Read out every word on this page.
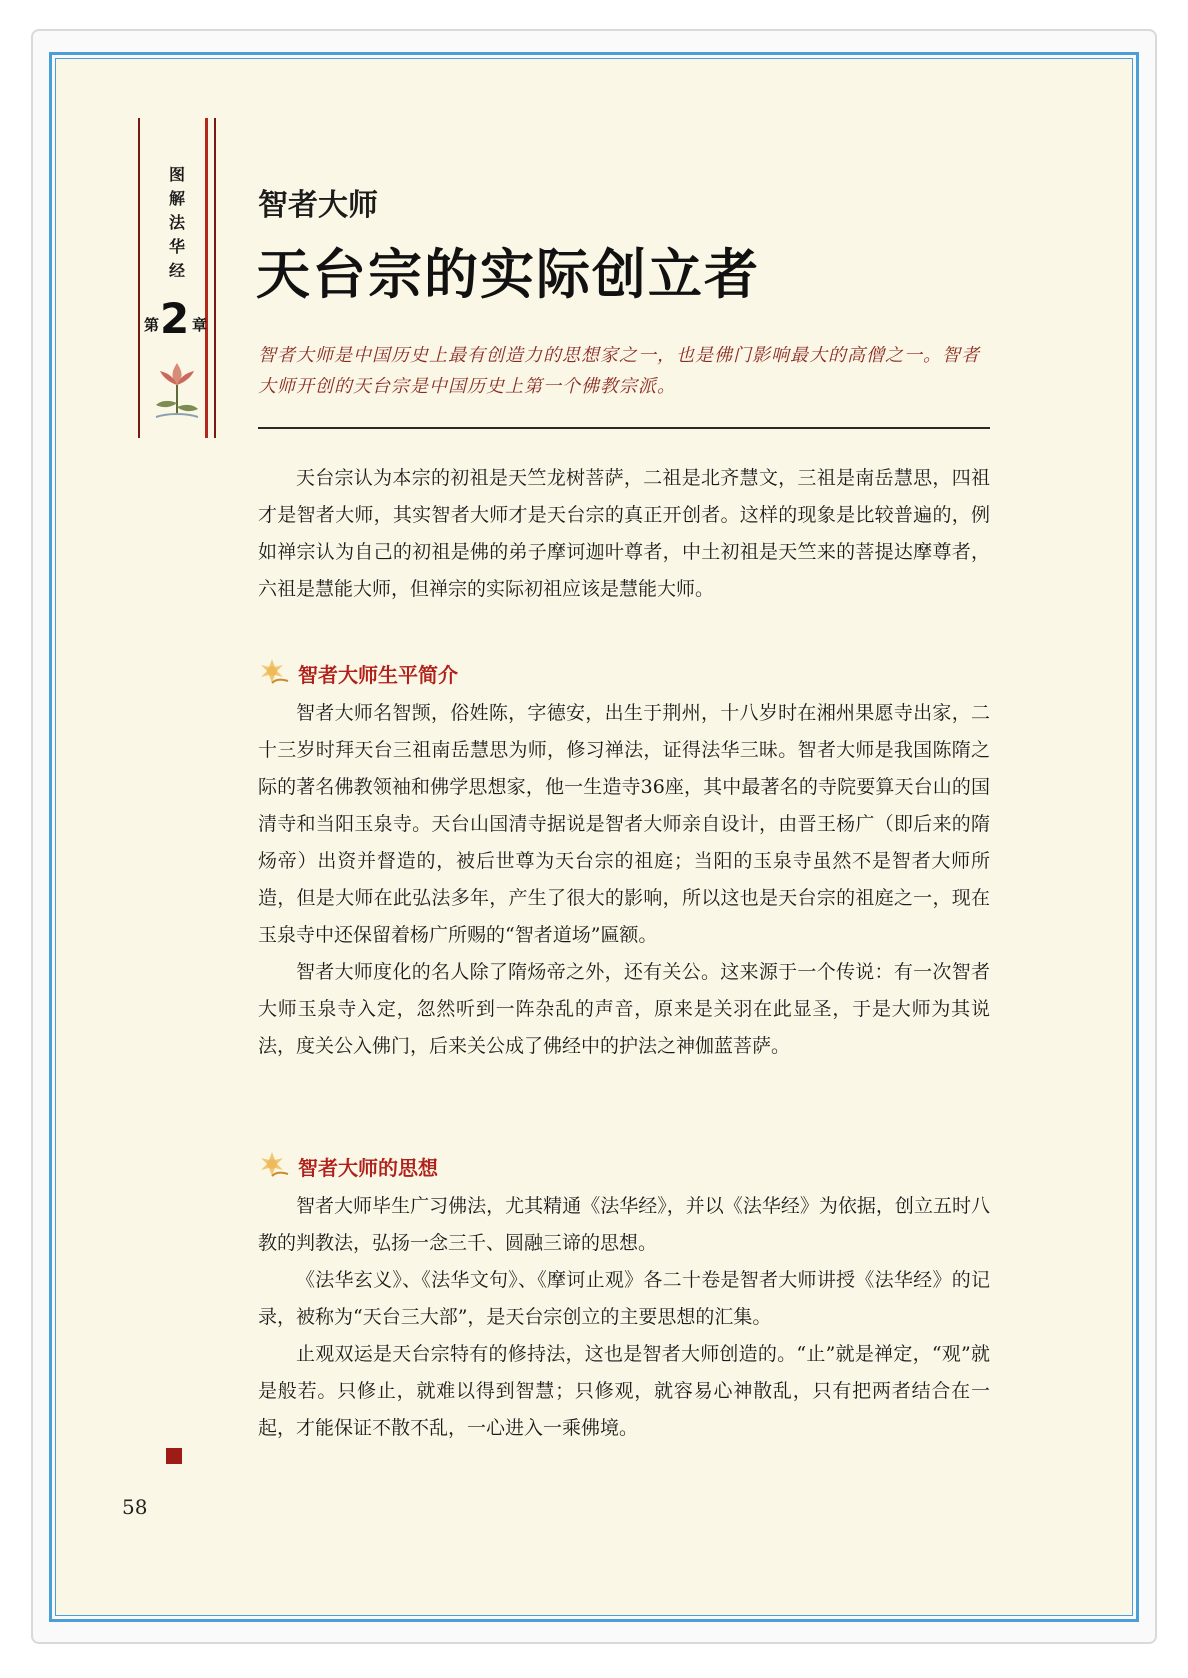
图
解
法
华
经
第 2 章
智者大师
天台宗的实际创立者
智者大师是中国历史上最有创造力的思想家之一，也是佛门影响最大的高僧之一。智者大师开创的天台宗是中国历史上第一个佛教宗派。

天台宗认为本宗的初祖是天竺龙树菩萨，二祖是北齐慧文，三祖是南岳慧思，四祖才是智者大师，其实智者大师才是天台宗的真正开创者。这样的现象是比较普遍的，例如禅宗认为自己的初祖是佛的弟子摩诃迦叶尊者，中土初祖是天竺来的菩提达摩尊者，六祖是慧能大师，但禅宗的实际初祖应该是慧能大师。

智者大师生平简介

智者大师名智𫖮，俗姓陈，字德安，出生于荆州，十八岁时在湘州果愿寺出家，二十三岁时拜天台三祖南岳慧思为师，修习禅法，证得法华三昧。智者大师是我国陈隋之际的著名佛教领袖和佛学思想家，他一生造寺36座，其中最著名的寺院要算天台山的国清寺和当阳玉泉寺。天台山国清寺据说是智者大师亲自设计，由晋王杨广（即后来的隋炀帝）出资并督造的，被后世尊为天台宗的祖庭；当阳的玉泉寺虽然不是智者大师所造，但是大师在此弘法多年，产生了很大的影响，所以这也是天台宗的祖庭之一，现在玉泉寺中还保留着杨广所赐的“智者道场”匾额。

智者大师度化的名人除了隋炀帝之外，还有关公。这来源于一个传说：有一次智者大师玉泉寺入定，忽然听到一阵杂乱的声音，原来是关羽在此显圣，于是大师为其说法，度关公入佛门，后来关公成了佛经中的护法之神伽蓝菩萨。

智者大师的思想

智者大师毕生广习佛法，尤其精通《法华经》，并以《法华经》为依据，创立五时八教的判教法，弘扬一念三千、圆融三谛的思想。

《法华玄义》、《法华文句》、《摩诃止观》各二十卷是智者大师讲授《法华经》的记录，被称为“天台三大部”，是天台宗创立的主要思想的汇集。

止观双运是天台宗特有的修持法，这也是智者大师创造的。“止”就是禅定，“观”就是般若。只修止，就难以得到智慧；只修观，就容易心神散乱，只有把两者结合在一起，才能保证不散不乱，一心进入一乘佛境。

58
